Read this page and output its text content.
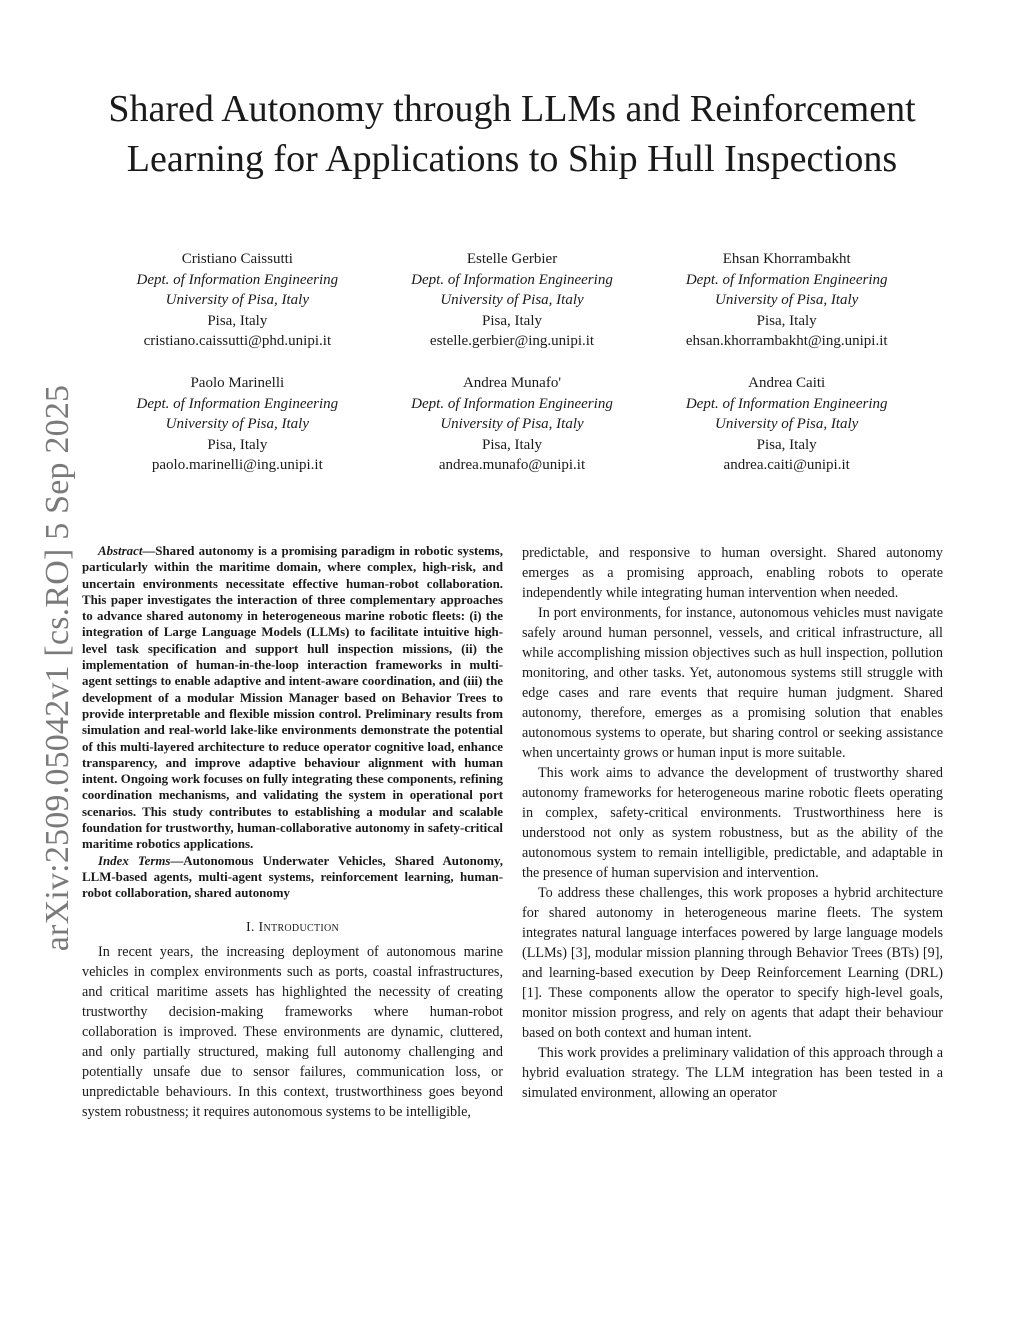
Shared Autonomy through LLMs and Reinforcement Learning for Applications to Ship Hull Inspections
Cristiano Caissutti
Dept. of Information Engineering
University of Pisa, Italy
Pisa, Italy
cristiano.caissutti@phd.unipi.it
Estelle Gerbier
Dept. of Information Engineering
University of Pisa, Italy
Pisa, Italy
estelle.gerbier@ing.unipi.it
Ehsan Khorrambakht
Dept. of Information Engineering
University of Pisa, Italy
Pisa, Italy
ehsan.khorrambakht@ing.unipi.it
Paolo Marinelli
Dept. of Information Engineering
University of Pisa, Italy
Pisa, Italy
paolo.marinelli@ing.unipi.it
Andrea Munafo'
Dept. of Information Engineering
University of Pisa, Italy
Pisa, Italy
andrea.munafo@unipi.it
Andrea Caiti
Dept. of Information Engineering
University of Pisa, Italy
Pisa, Italy
andrea.caiti@unipi.it
arXiv:2509.05042v1 [cs.RO] 5 Sep 2025	Abstract—Shared autonomy is a promising paradigm in robotic systems, particularly within the maritime domain, where complex, high-risk, and uncertain environments necessitate effective human-robot collaboration. This paper investigates the interaction of three complementary approaches to advance shared autonomy in heterogeneous marine robotic fleets: (i) the integration of Large Language Models (LLMs) to facilitate intuitive high-level task specification and support hull inspection missions, (ii) the implementation of human-in-the-loop interaction frameworks in multi-agent settings to enable adaptive and intent-aware coordination, and (iii) the development of a modular Mission Manager based on Behavior Trees to provide interpretable and flexible mission control. Preliminary results from simulation and real-world lake-like environments demonstrate the potential of this multi-layered architecture to reduce operator cognitive load, enhance transparency, and improve adaptive behaviour alignment with human intent. Ongoing work focuses on fully integrating these components, refining coordination mechanisms, and validating the system in operational port scenarios. This study contributes to establishing a modular and scalable foundation for trustworthy, human-collaborative autonomy in safety-critical maritime robotics applications.

Index Terms—Autonomous Underwater Vehicles, Shared Autonomy, LLM-based agents, multi-agent systems, reinforcement learning, human-robot collaboration, shared autonomy

I. Introduction

In recent years, the increasing deployment of autonomous marine vehicles in complex environments such as ports, coastal infrastructures, and critical maritime assets has highlighted the necessity of creating trustworthy decision-making frameworks where human-robot collaboration is improved. These environments are dynamic, cluttered, and only partially structured, making full autonomy challenging and potentially unsafe due to sensor failures, communication loss, or unpredictable behaviours. In this context, trustworthiness goes beyond system robustness; it requires autonomous systems to be intelligible,

predictable, and responsive to human oversight. Shared autonomy emerges as a promising approach, enabling robots to operate independently while integrating human intervention when needed.

In port environments, for instance, autonomous vehicles must navigate safely around human personnel, vessels, and critical infrastructure, all while accomplishing mission objectives such as hull inspection, pollution monitoring, and other tasks. Yet, autonomous systems still struggle with edge cases and rare events that require human judgment. Shared autonomy, therefore, emerges as a promising solution that enables autonomous systems to operate, but sharing control or seeking assistance when uncertainty grows or human input is more suitable.

This work aims to advance the development of trustworthy shared autonomy frameworks for heterogeneous marine robotic fleets operating in complex, safety-critical environments. Trustworthiness here is understood not only as system robustness, but as the ability of the autonomous system to remain intelligible, predictable, and adaptable in the presence of human supervision and intervention.

To address these challenges, this work proposes a hybrid architecture for shared autonomy in heterogeneous marine fleets. The system integrates natural language interfaces powered by large language models (LLMs) [3], modular mission planning through Behavior Trees (BTs) [9], and learning-based execution by Deep Reinforcement Learning (DRL) [1]. These components allow the operator to specify high-level goals, monitor mission progress, and rely on agents that adapt their behaviour based on both context and human intent.

This work provides a preliminary validation of this approach through a hybrid evaluation strategy. The LLM integration has been tested in a simulated environment, allowing an operator
